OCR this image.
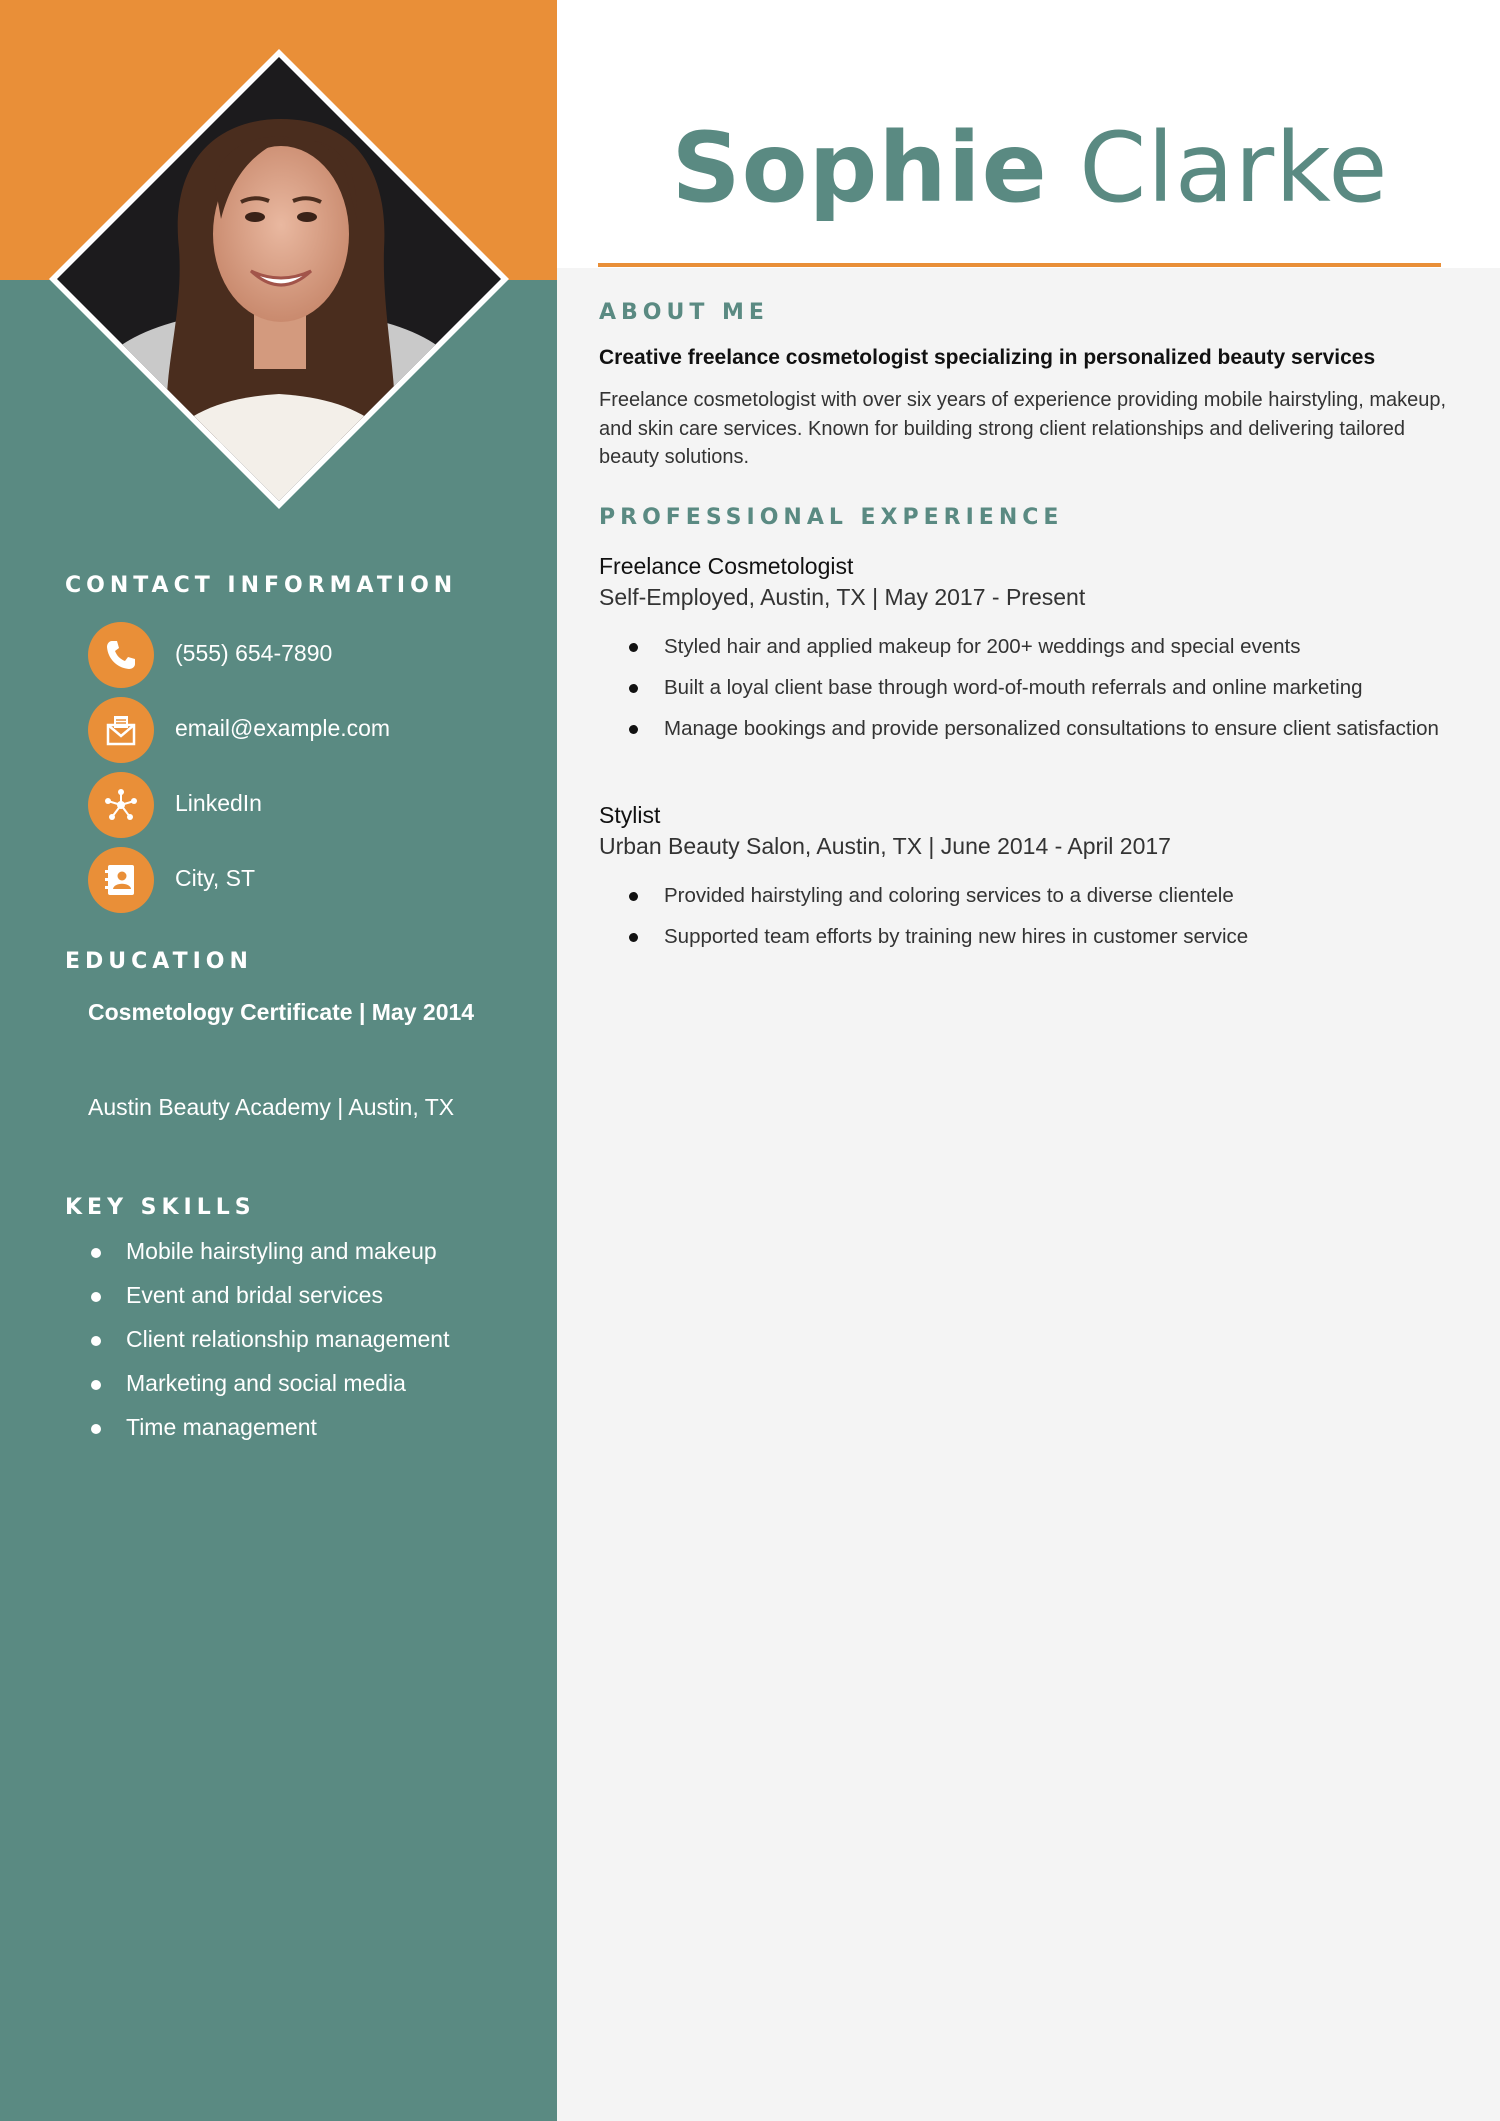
Sophie Clarke
CONTACT INFORMATION
(555) 654-7890
email@example.com
LinkedIn
City, ST
EDUCATION
Cosmetology Certificate | May 2014
Austin Beauty Academy | Austin, TX
KEY SKILLS
Mobile hairstyling and makeup
Event and bridal services
Client relationship management
Marketing and social media
Time management
ABOUT ME
Creative freelance cosmetologist specializing in personalized beauty services
Freelance cosmetologist with over six years of experience providing mobile hairstyling, makeup, and skin care services. Known for building strong client relationships and delivering tailored beauty solutions.
PROFESSIONAL EXPERIENCE
Freelance Cosmetologist
Self-Employed, Austin, TX | May 2017 - Present
Styled hair and applied makeup for 200+ weddings and special events
Built a loyal client base through word-of-mouth referrals and online marketing
Manage bookings and provide personalized consultations to ensure client satisfaction
Stylist
Urban Beauty Salon, Austin, TX | June 2014 - April 2017
Provided hairstyling and coloring services to a diverse clientele
Supported team efforts by training new hires in customer service
